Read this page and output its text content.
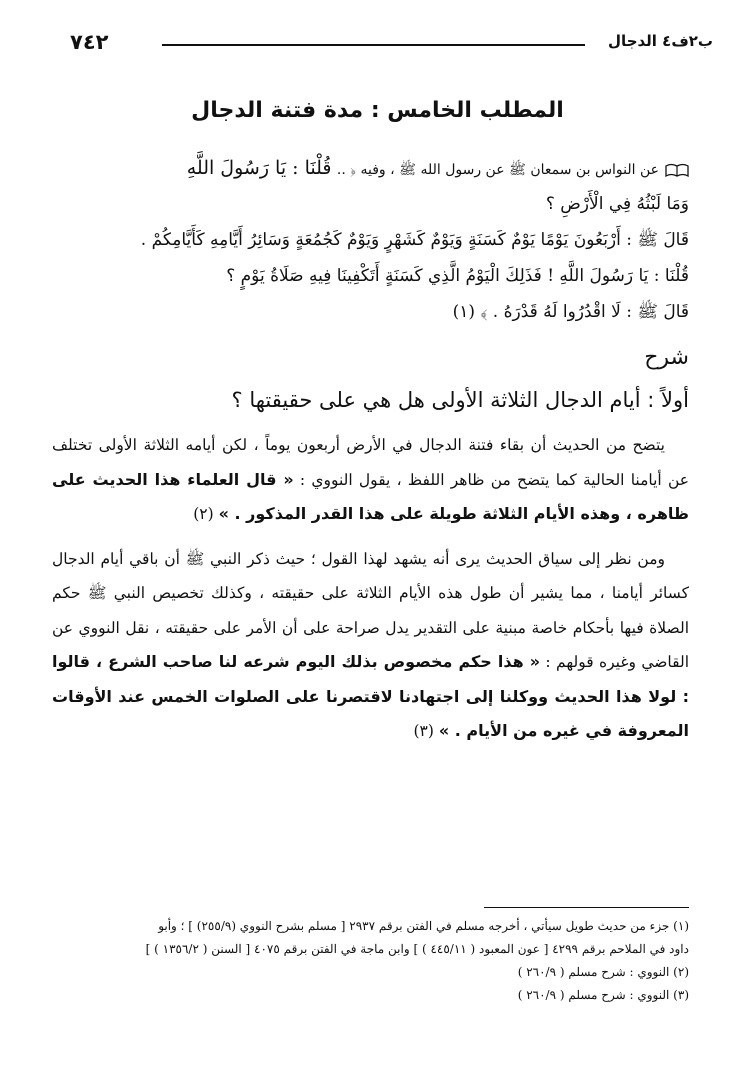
ب٢ف٤ الدجال
٧٤٢
المطلب الخامس : مدة فتنة الدجال
عن النواس بن سمعان ﷺ عن رسول الله ﷺ ، وفيه ﴿ .. قُلْنَا : يَا رَسُولَ اللَّهِ
وَمَا لَبْثُهُ فِي الْأَرْضِ ؟
قَالَ ﷺ : أَرْبَعُونَ يَوْمًا يَوْمٌ كَسَنَةٍ وَيَوْمٌ كَشَهْرٍ وَيَوْمٌ كَجُمُعَةٍ وَسَائِرُ أَيَّامِهِ كَأَيَّامِكُمْ .
قُلْنَا : يَا رَسُولَ اللَّهِ ! فَذَلِكَ الْيَوْمُ الَّذِي كَسَنَةٍ أَتَكْفِينَا فِيهِ صَلَاةُ يَوْمٍ ؟
قَالَ ﷺ : لَا اقْدُرُوا لَهُ قَدْرَهُ . ﴾ (١)
شرح
أولاً : أيام الدجال الثلاثة الأولى هل هي على حقيقتها ؟

يتضح من الحديث أن بقاء فتنة الدجال في الأرض أربعون يوماً ، لكن أيامه الثلاثة الأولى تختلف عن أيامنا الحالية كما يتضح من ظاهر اللفظ ، يقول النووي : « قال العلماء هذا الحديث على ظاهره ، وهذه الأيام الثلاثة طويلة على هذا القدر المذكور . » (٢)

ومن نظر إلى سياق الحديث يرى أنه يشهد لهذا القول ؛ حيث ذكر النبي ﷺ أن باقي أيام الدجال كسائر أيامنا ، مما يشير أن طول هذه الأيام الثلاثة على حقيقته ، وكذلك تخصيص النبي ﷺ حكم الصلاة فيها بأحكام خاصة مبنية على التقدير يدل صراحة على أن الأمر على حقيقته ، نقل النووي عن القاضي وغيره قولهم : « هذا حكم مخصوص بذلك اليوم شرعه لنا صاحب الشرع ، قالوا : لولا هذا الحديث ووكلنا إلى اجتهادنا لاقتصرنا على الصلوات الخمس عند الأوقات المعروفة في غيره من الأيام . » (٣)

(١) جزء من حديث طويل سيأتي ، أخرجه مسلم في الفتن برقم ٢٩٣٧ [ مسلم بشرح النووي (٢٥٥/٩) ] ؛ وأبو
داود في الملاحم برقم ٤٢٩٩ [ عون المعبود ( ٤٤٥/١١ ) ] وابن ماجة في الفتن برقم ٤٠٧٥ [ السنن ( ١٣٥٦/٢ ) ]
(٢) النووي : شرح مسلم ( ٢٦٠/٩ )
(٣) النووي : شرح مسلم ( ٢٦٠/٩ )
